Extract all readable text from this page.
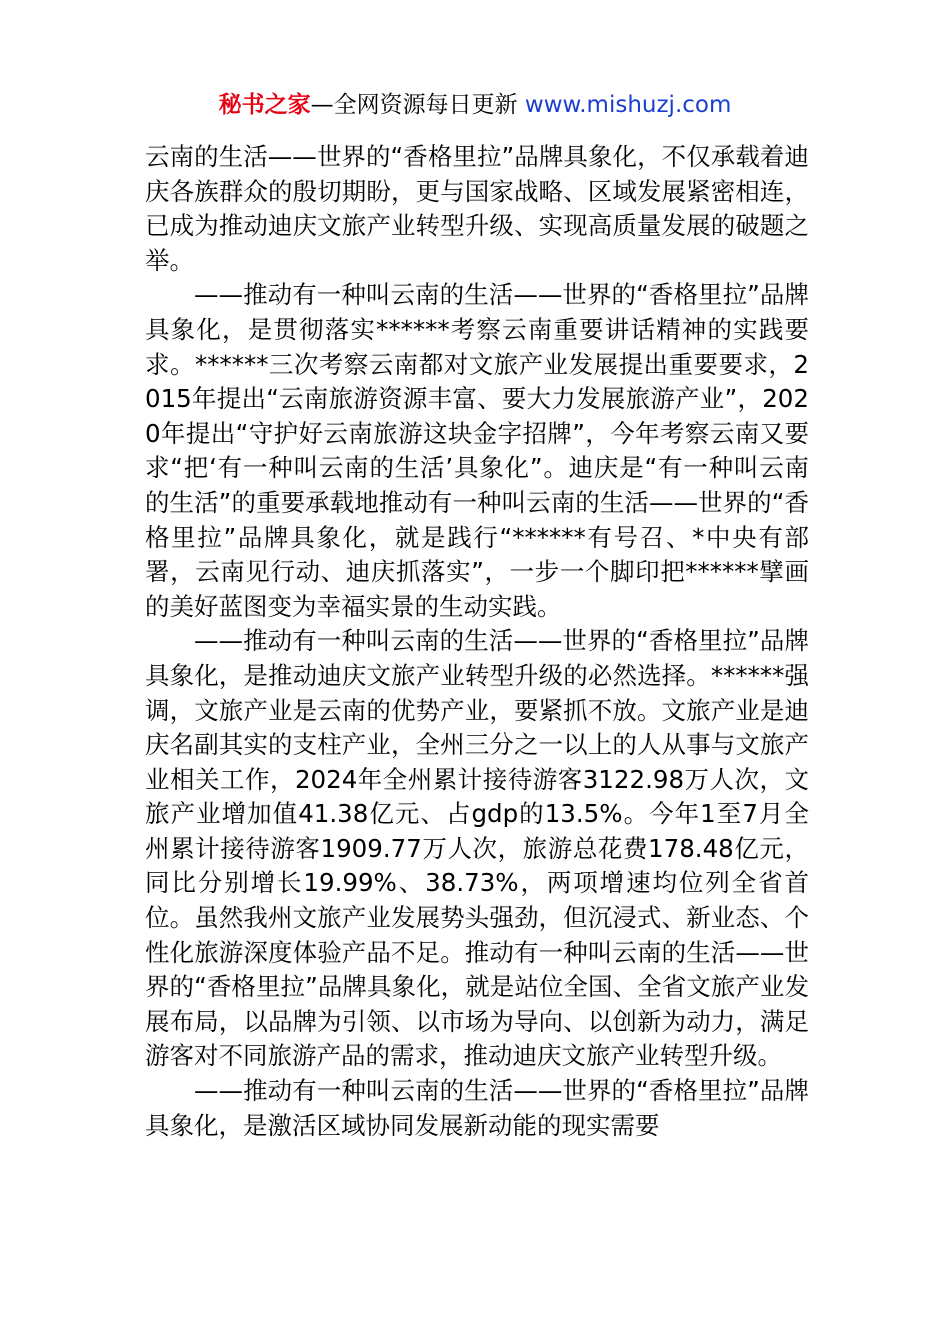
秘书之家—全网资源每日更新 www.mishuzj.com

云南的生活——世界的“香格里拉”品牌具象化，不仅承载着迪庆各族群众的殷切期盼，更与国家战略、区域发展紧密相连，已成为推动迪庆文旅产业转型升级、实现高质量发展的破题之举。

——推动有一种叫云南的生活——世界的“香格里拉”品牌具象化，是贯彻落实******考察云南重要讲话精神的实践要求。******三次考察云南都对文旅产业发展提出重要要求，2015年提出“云南旅游资源丰富、要大力发展旅游产业”，2020年提出“守护好云南旅游这块金字招牌”，今年考察云南又要求“把‘有一种叫云南的生活’具象化”。迪庆是“有一种叫云南的生活”的重要承载地推动有一种叫云南的生活——世界的“香格里拉”品牌具象化，就是践行“******有号召、*中央有部署，云南见行动、迪庆抓落实”，一步一个脚印把******擘画的美好蓝图变为幸福实景的生动实践。

——推动有一种叫云南的生活——世界的“香格里拉”品牌具象化，是推动迪庆文旅产业转型升级的必然选择。******强调，文旅产业是云南的优势产业，要紧抓不放。文旅产业是迪庆名副其实的支柱产业，全州三分之一以上的人从事与文旅产业相关工作，2024年全州累计接待游客3122.98万人次，文旅产业增加值41.38亿元、占gdp的13.5%。今年1至7月全州累计接待游客1909.77万人次，旅游总花费178.48亿元，同比分别增长19.99%、38.73%，两项增速均位列全省首位。虽然我州文旅产业发展势头强劲，但沉浸式、新业态、个性化旅游深度体验产品不足。推动有一种叫云南的生活——世界的“香格里拉”品牌具象化，就是站位全国、全省文旅产业发展布局，以品牌为引领、以市场为导向、以创新为动力，满足游客对不同旅游产品的需求，推动迪庆文旅产业转型升级。

——推动有一种叫云南的生活——世界的“香格里拉”品牌具象化，是激活区域协同发展新动能的现实需要
